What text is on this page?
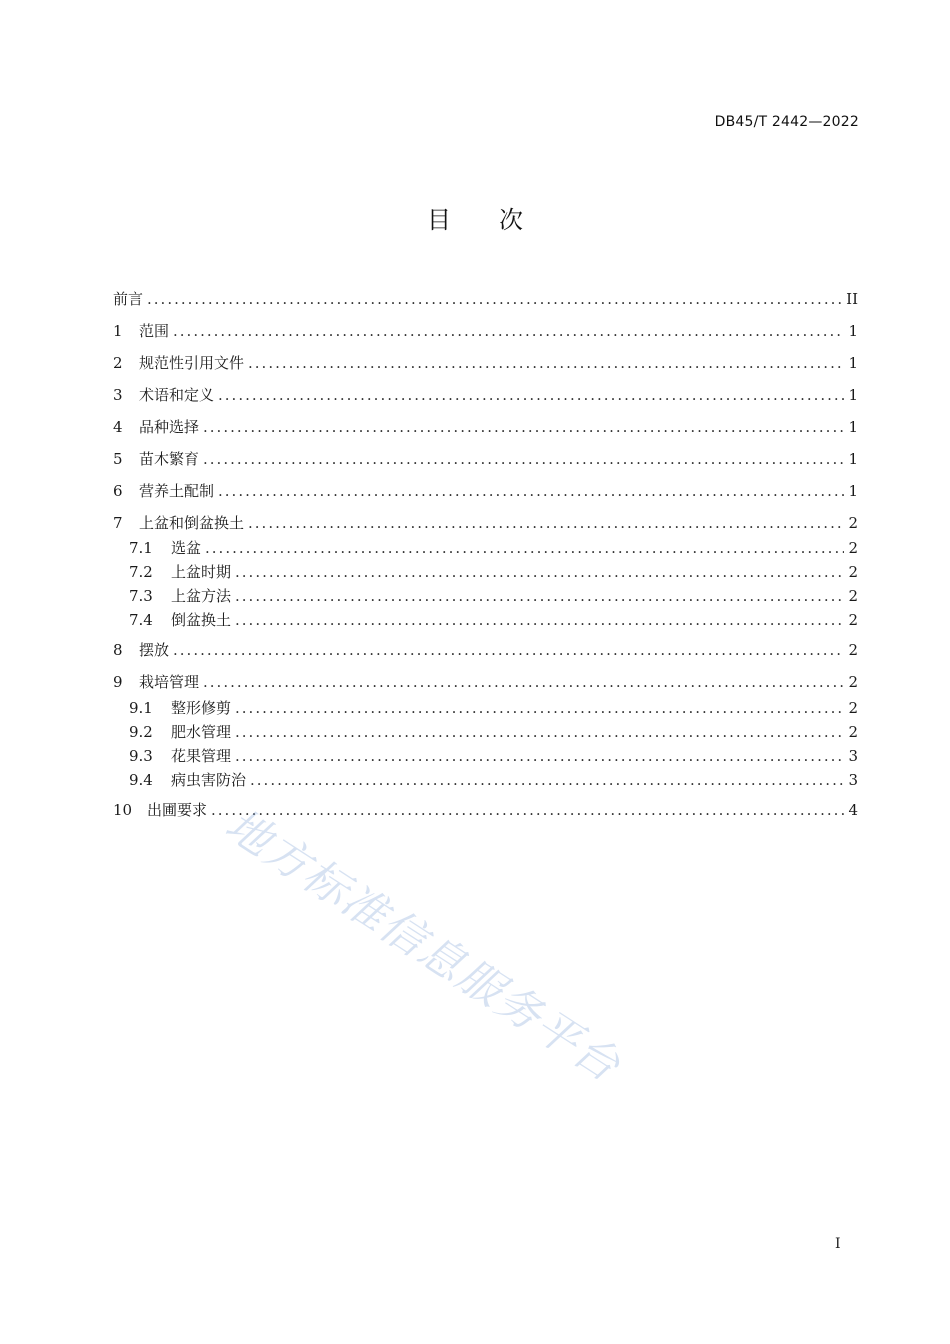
DB45/T 2442—2022
目 次
前言 .....	II
1	范围 .....	1
2	规范性引用文件 .....	1
3	术语和定义 .....	1
4	品种选择 .....	1
5	苗木繁育 .....	1
6	营养土配制 .....	1
7	上盆和倒盆换土 .....	2
7.1	选盆 .....	2
7.2	上盆时期 .....	2
7.3	上盆方法 .....	2
7.4	倒盆换土 .....	2
8	摆放 .....	2
9	栽培管理 .....	2
9.1	整形修剪 .....	2
9.2	肥水管理 .....	2
9.3	花果管理 .....	3
9.4	病虫害防治 .....	3
10 出圃要求 .....	4
地方标准信息服务平台
I
